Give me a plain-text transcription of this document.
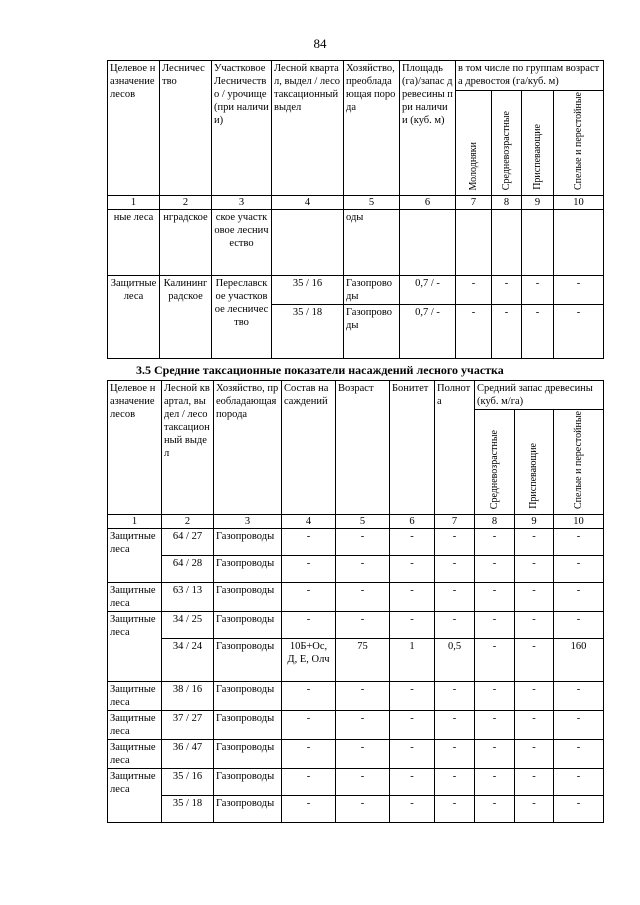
84
Целевое назначение лесов	Лесничество	Участковое Лесничество / урочище (при наличии)	Лесной квартал, выдел / лесотаксационный выдел	Хозяйство, преобладающая порода	Площадь (га)/запас древесины при наличии (куб. м)	в том числе по группам возраста древостоя (га/куб. м)			
						Молодняки	Средневозрастные	Приспевающие	Спелые и перестойные
1	2	3	4	5	6	7	8	9	10
ные леса	нградское	ское участковое лесничество		оды					
Защитные леса	Калининградское	Переславское участковое лесничество	35 / 16	Газопроводы	0,7 / -	-	-	-	-
			35 / 18	Газопроводы	0,7 / -	-	-	-	-
3.5 Средние таксационные показатели насаждений лесного участка
Целевое назначение лесов	Лесной квартал, выдел / лесотаксационный выдел	Хозяйство, преобладающая порода	Состав насаждений	Возраст	Бонитет	Полнота	Средний запас древесины (куб. м/га)		
							Средневозрастные	Приспевающие	Спелые и перестойные
1	2	3	4	5	6	7	8	9	10
Защитные леса	64 / 27	Газопроводы	-	-	-	-	-	-	-
	64 / 28	Газопроводы	-	-	-	-	-	-	-
Защитные леса	63 / 13	Газопроводы	-	-	-	-	-	-	-
Защитные леса	34 / 25	Газопроводы	-	-	-	-	-	-	-
	34 / 24	Газопроводы	10Б+Ос, Д, Е, Олч	75	1	0,5	-	-	160
Защитные леса	38 / 16	Газопроводы	-	-	-	-	-	-	-
Защитные леса	37 / 27	Газопроводы	-	-	-	-	-	-	-
Защитные леса	36 / 47	Газопроводы	-	-	-	-	-	-	-
Защитные леса	35 / 16	Газопроводы	-	-	-	-	-	-	-
	35 / 18	Газопроводы	-	-	-	-	-	-	-
